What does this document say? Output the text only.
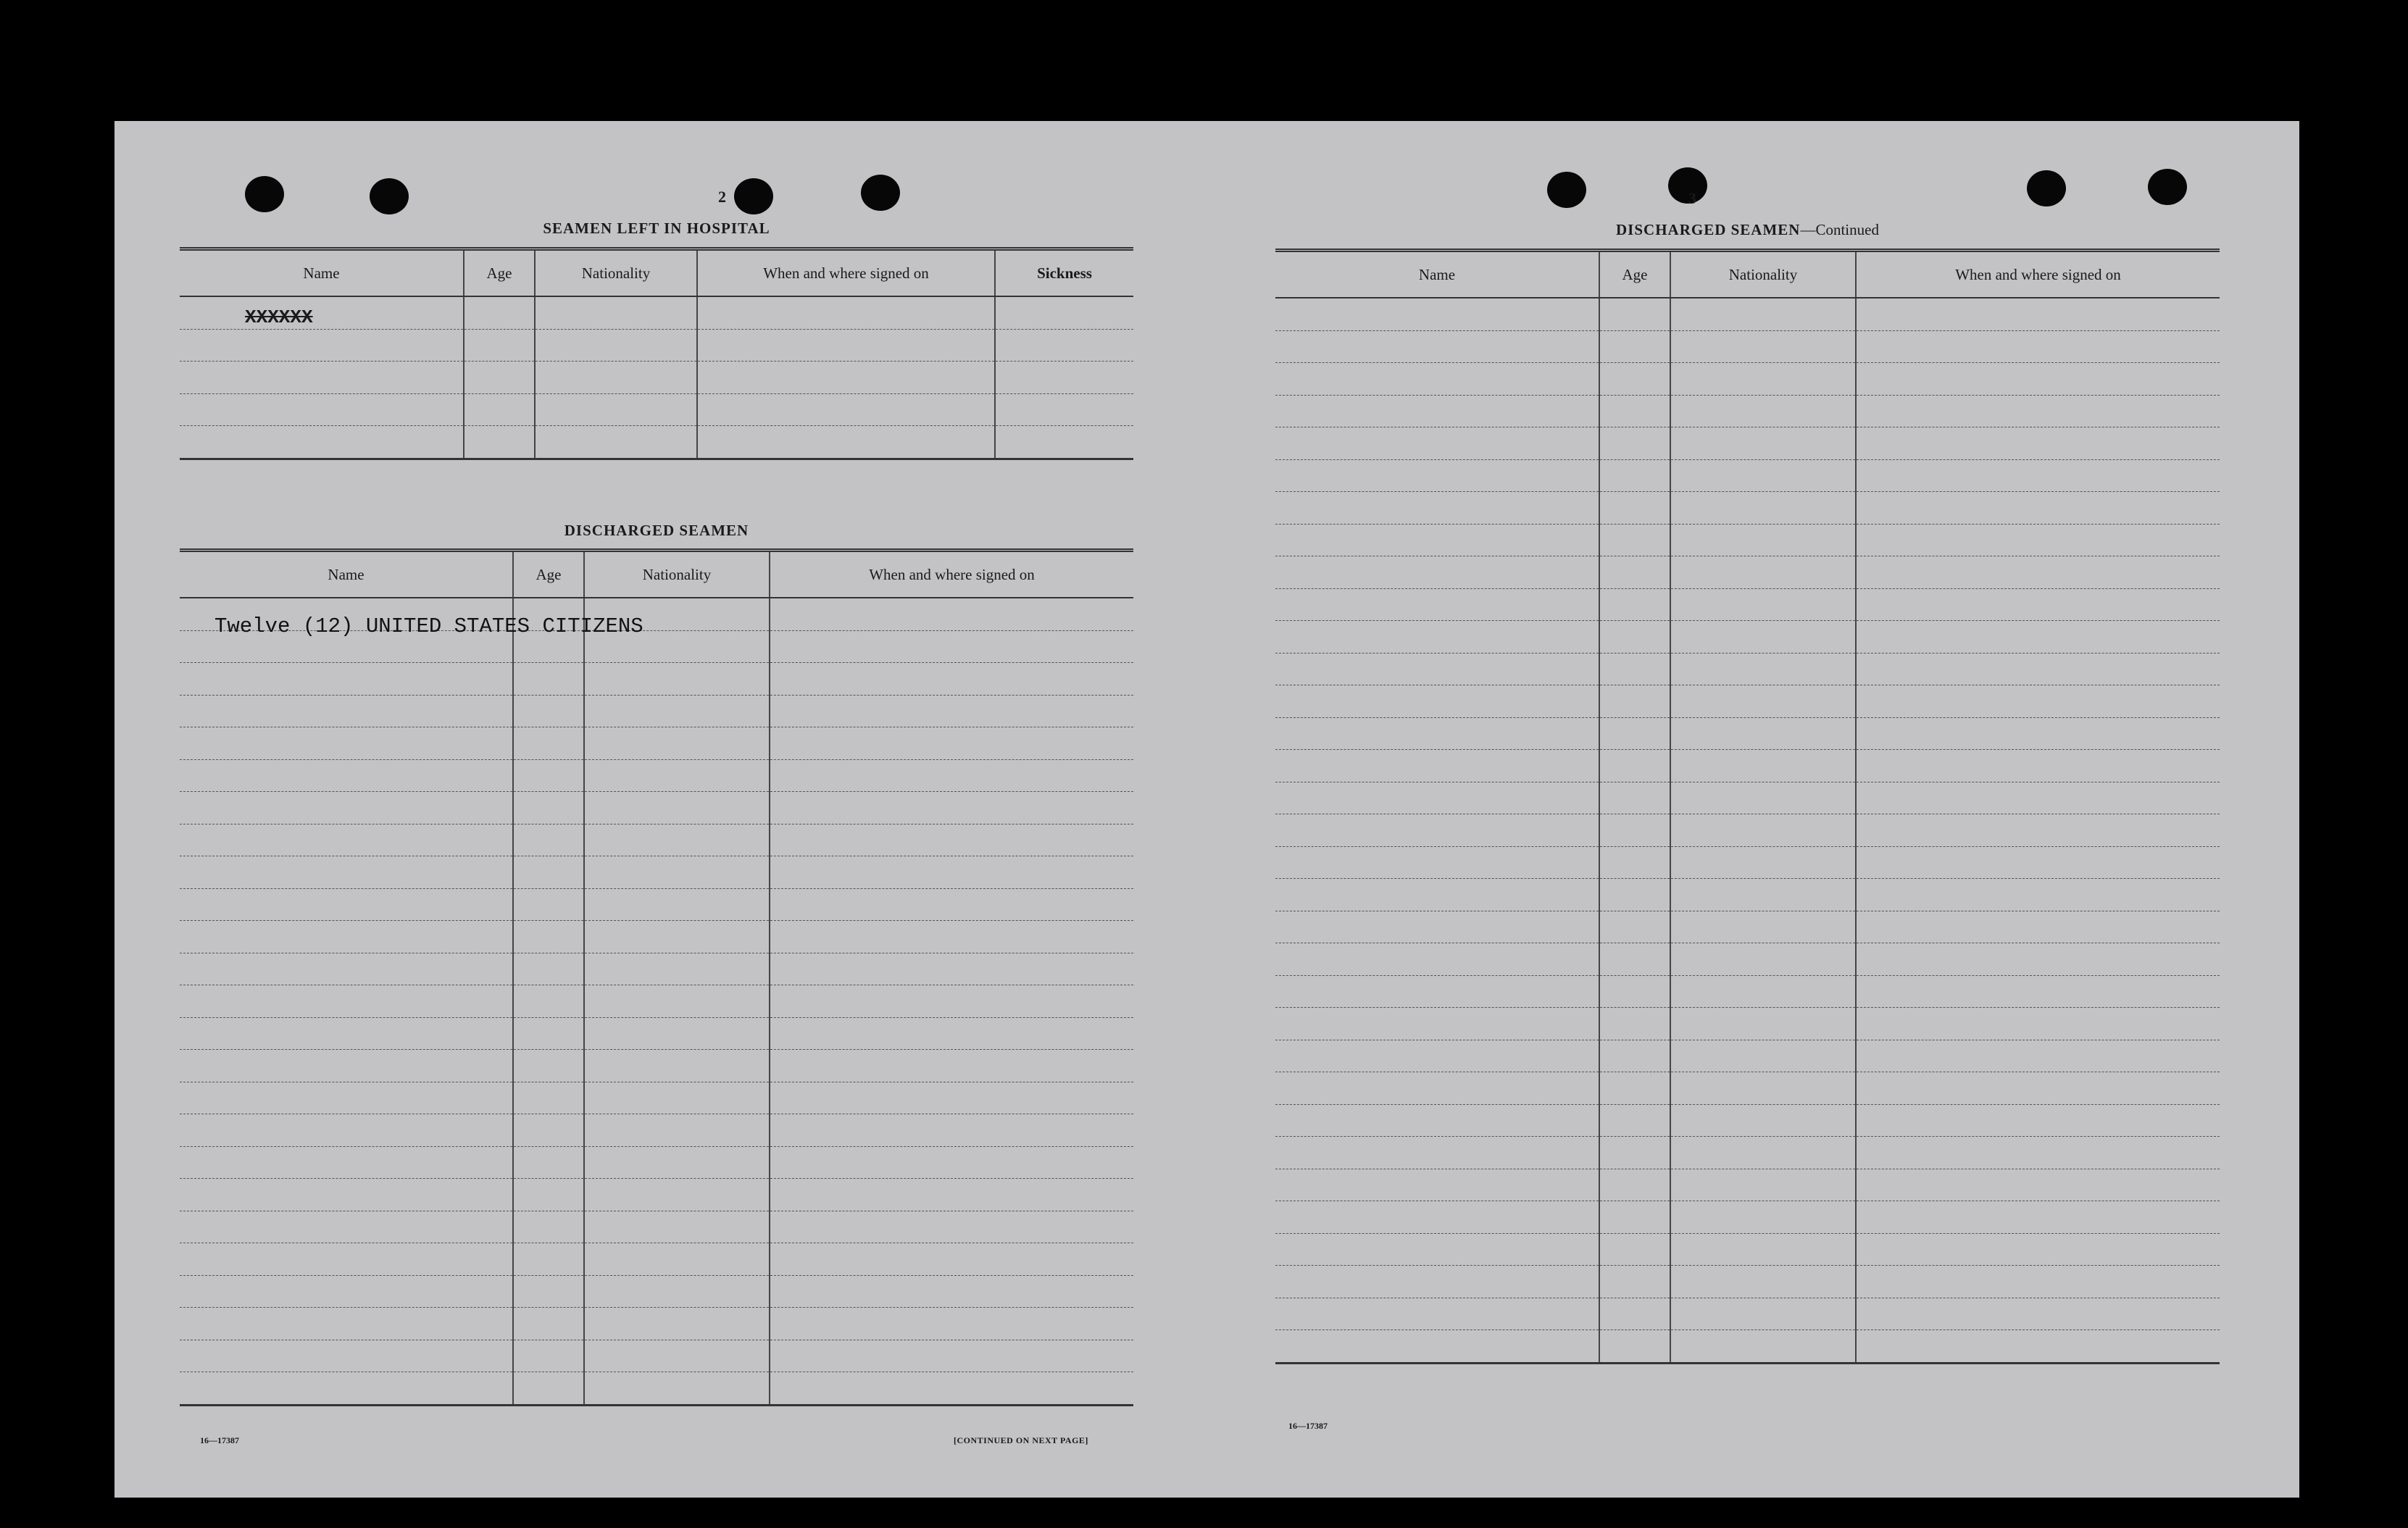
2
SEAMEN LEFT IN HOSPITAL
Name	Age	Nationality	When and where signed on	Sickness
XXXXXX				

DISCHARGED SEAMEN
Name	Age	Nationality	When and where signed on

Twelve (12) UNITED STATES CITIZENS
16—17387	[CONTINUED ON NEXT PAGE]
3
DISCHARGED SEAMEN—Continued
Name	Age	Nationality	When and where signed on

16—17387
